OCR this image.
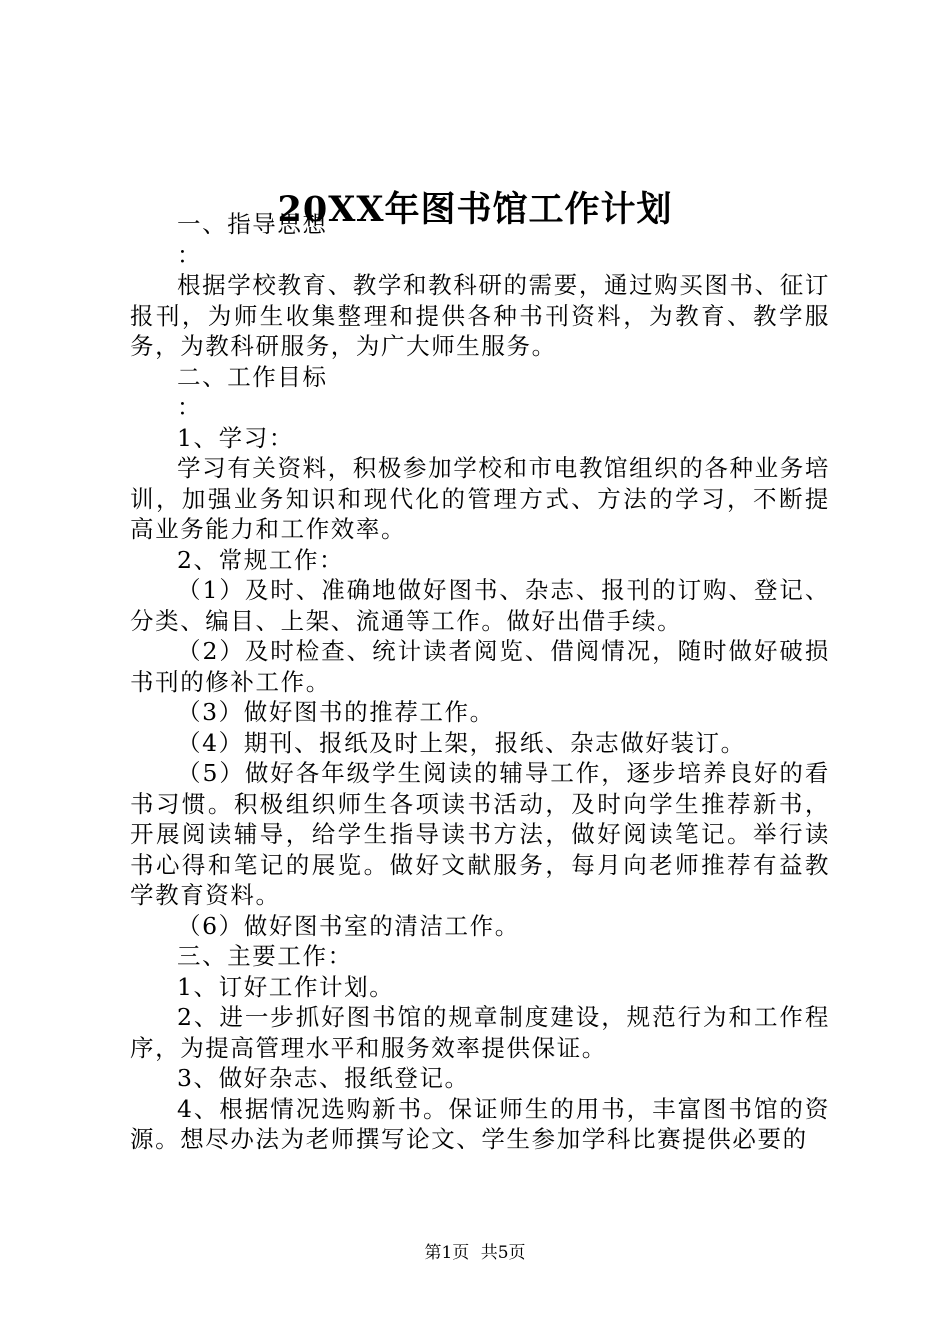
20XX年图书馆工作计划

一、指导思想

：

根据学校教育、教学和教科研的需要，通过购买图书、征订报刊，为师生收集整理和提供各种书刊资料，为教育、教学服务，为教科研服务，为广大师生服务。

二、工作目标

：

1、学习：

学习有关资料，积极参加学校和市电教馆组织的各种业务培训，加强业务知识和现代化的管理方式、方法的学习，不断提高业务能力和工作效率。

2、常规工作：

（1）及时、准确地做好图书、杂志、报刊的订购、登记、分类、编目、上架、流通等工作。做好出借手续。

（2）及时检查、统计读者阅览、借阅情况，随时做好破损书刊的修补工作。

（3）做好图书的推荐工作。

（4）期刊、报纸及时上架，报纸、杂志做好装订。

（5）做好各年级学生阅读的辅导工作，逐步培养良好的看书习惯。积极组织师生各项读书活动，及时向学生推荐新书，开展阅读辅导，给学生指导读书方法，做好阅读笔记。举行读书心得和笔记的展览。做好文献服务，每月向老师推荐有益教学教育资料。

（6）做好图书室的清洁工作。

三、主要工作：

1、订好工作计划。

2、进一步抓好图书馆的规章制度建设，规范行为和工作程序，为提高管理水平和服务效率提供保证。

3、做好杂志、报纸登记。

4、根据情况选购新书。保证师生的用书，丰富图书馆的资源。想尽办法为老师撰写论文、学生参加学科比赛提供必要的

第1页 共5页
